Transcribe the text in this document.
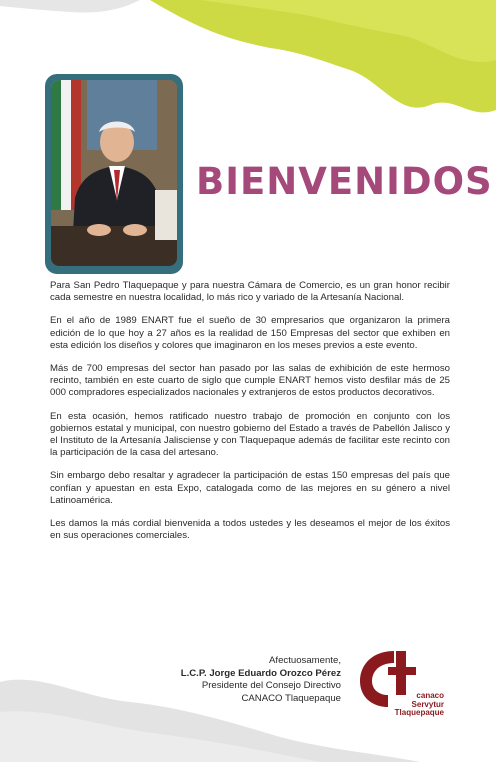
BIENVENIDOS

Para San Pedro Tlaquepaque y para nuestra Cámara de Comercio, es un gran honor recibir cada semestre en nuestra localidad, lo más rico y variado de la Artesanía Nacional.

En el año de 1989 ENART fue el sueño de 30 empresarios que organizaron la primera edición de lo que hoy a 27 años es la realidad de 150 Empresas del sector que exhiben en esta edición los diseños y colores que imaginaron en los meses previos a este evento.

Más de 700 empresas del sector han pasado por las salas de exhibición de este hermoso recinto, también en este cuarto de siglo que cumple ENART hemos visto desfilar más de 25 000 compradores especializados nacionales y extranjeros de estos productos decorativos.

En esta ocasión, hemos ratificado nuestro trabajo de promoción en conjunto con los gobiernos estatal y municipal, con nuestro gobierno del Estado a través de Pabellón Jalisco y el Instituto de la Artesanía Jalisciense y con Tlaquepaque además de facilitar este recinto con la participación de la casa del artesano.

Sin embargo debo resaltar y agradecer la participación de estas 150 empresas del país que confían y apuestan en esta Expo, catalogada como de las mejores en su género a nivel Latinoamérica.

Les damos la más cordial bienvenida a todos ustedes y les deseamos el mejor de los éxitos en sus operaciones comerciales.

Afectuosamente,
L.C.P. Jorge Eduardo Orozco Pérez
Presidente del Consejo Directivo
CANACO Tlaquepaque	canaco
Servytur
Tlaquepaque
